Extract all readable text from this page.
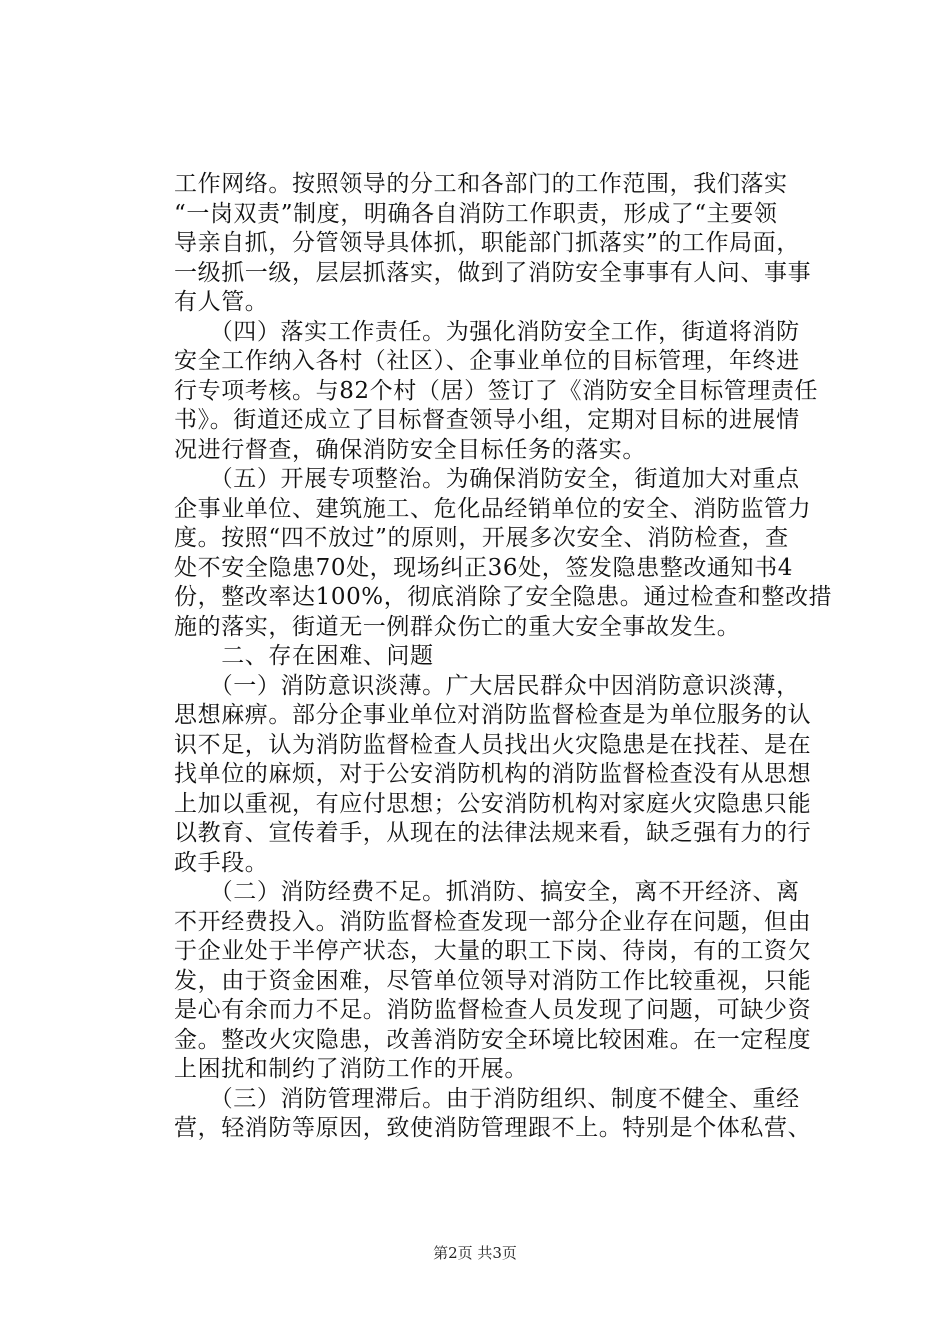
工作网络。按照领导的分工和各部门的工作范围，我们落实
“一岗双责”制度，明确各自消防工作职责，形成了“主要领
导亲自抓，分管领导具体抓，职能部门抓落实”的工作局面，
一级抓一级，层层抓落实，做到了消防安全事事有人问、事事
有人管。
　　（四）落实工作责任。为强化消防安全工作，街道将消防
安全工作纳入各村（社区）、企事业单位的目标管理，年终进
行专项考核。与82个村（居）签订了《消防安全目标管理责任
书》。街道还成立了目标督查领导小组，定期对目标的进展情
况进行督查，确保消防安全目标任务的落实。
　　（五）开展专项整治。为确保消防安全，街道加大对重点
企事业单位、建筑施工、危化品经销单位的安全、消防监管力
度。按照“四不放过”的原则，开展多次安全、消防检查，查
处不安全隐患70处，现场纠正36处，签发隐患整改通知书4
份，整改率达100%，彻底消除了安全隐患。通过检查和整改措
施的落实，街道无一例群众伤亡的重大安全事故发生。
　　二、存在困难、问题
　　（一）消防意识淡薄。广大居民群众中因消防意识淡薄，
思想麻痹。部分企事业单位对消防监督检查是为单位服务的认
识不足，认为消防监督检查人员找出火灾隐患是在找茬、是在
找单位的麻烦，对于公安消防机构的消防监督检查没有从思想
上加以重视，有应付思想；公安消防机构对家庭火灾隐患只能
以教育、宣传着手，从现在的法律法规来看，缺乏强有力的行
政手段。
　　（二）消防经费不足。抓消防、搞安全，离不开经济、离
不开经费投入。消防监督检查发现一部分企业存在问题，但由
于企业处于半停产状态，大量的职工下岗、待岗，有的工资欠
发，由于资金困难，尽管单位领导对消防工作比较重视，只能
是心有余而力不足。消防监督检查人员发现了问题，可缺少资
金。整改火灾隐患，改善消防安全环境比较困难。在一定程度
上困扰和制约了消防工作的开展。
　　（三）消防管理滞后。由于消防组织、制度不健全、重经
营，轻消防等原因，致使消防管理跟不上。特别是个体私营、
第2页 共3页
